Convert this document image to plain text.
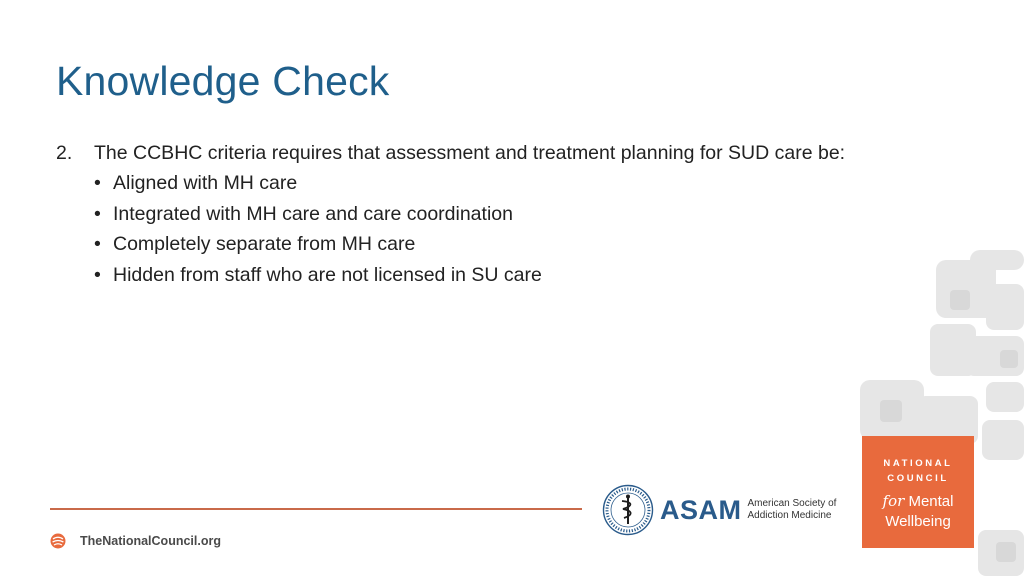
Knowledge Check
2.	The CCBHC criteria requires that assessment and treatment planning for SUD care be:
• Aligned with MH care
• Integrated with MH care and care coordination
• Completely separate from MH care
• Hidden from staff who are not licensed in SU care
TheNationalCouncil.org
ASAM American Society of
Addiction Medicine
NATIONAL
COUNCIL
for Mental
Wellbeing
